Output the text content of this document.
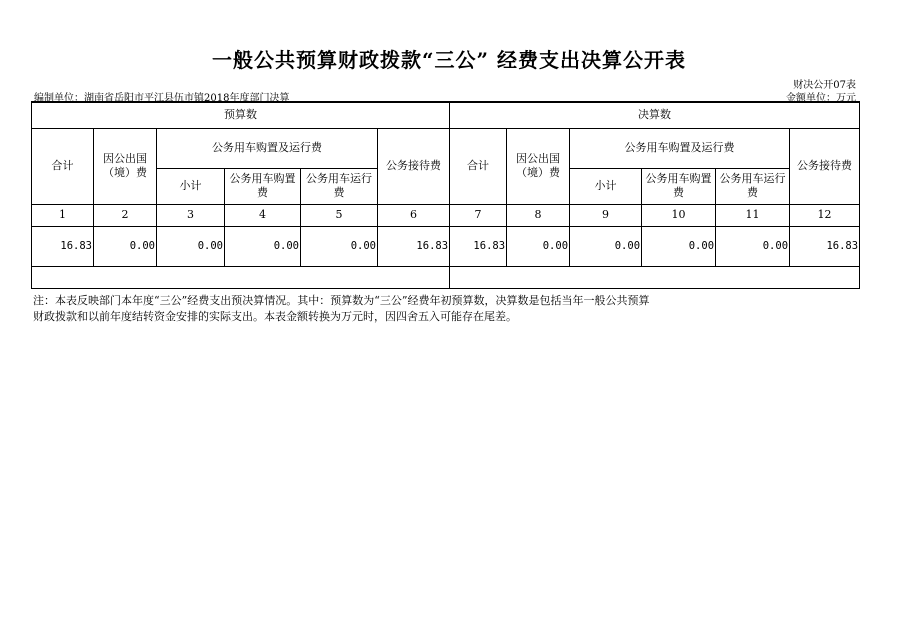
一般公共预算财政拨款“三公” 经费支出决算公开表
财决公开07表
编制单位：湖南省岳阳市平江县伍市镇2018年度部门决算	金额单位：万元
预算数						决算数					
合计	因公出国（境）费	公务用车购置及运行费			公务接待费	合计	因公出国（境）费	公务用车购置及运行费			公务接待费
		小计	公务用车购置费	公务用车运行费				小计	公务用车购置费	公务用车运行费	
1	2	3	4	5	6	7	8	9	10	11	12
16.83	0.00	0.00	0.00	0.00	16.83	16.83	0.00	0.00	0.00	0.00	16.83

注：本表反映部门本年度“三公”经费支出预决算情况。其中：预算数为“三公”经费年初预算数，决算数是包括当年一般公共预算
财政拨款和以前年度结转资金安排的实际支出。本表金额转换为万元时，因四舍五入可能存在尾差。
